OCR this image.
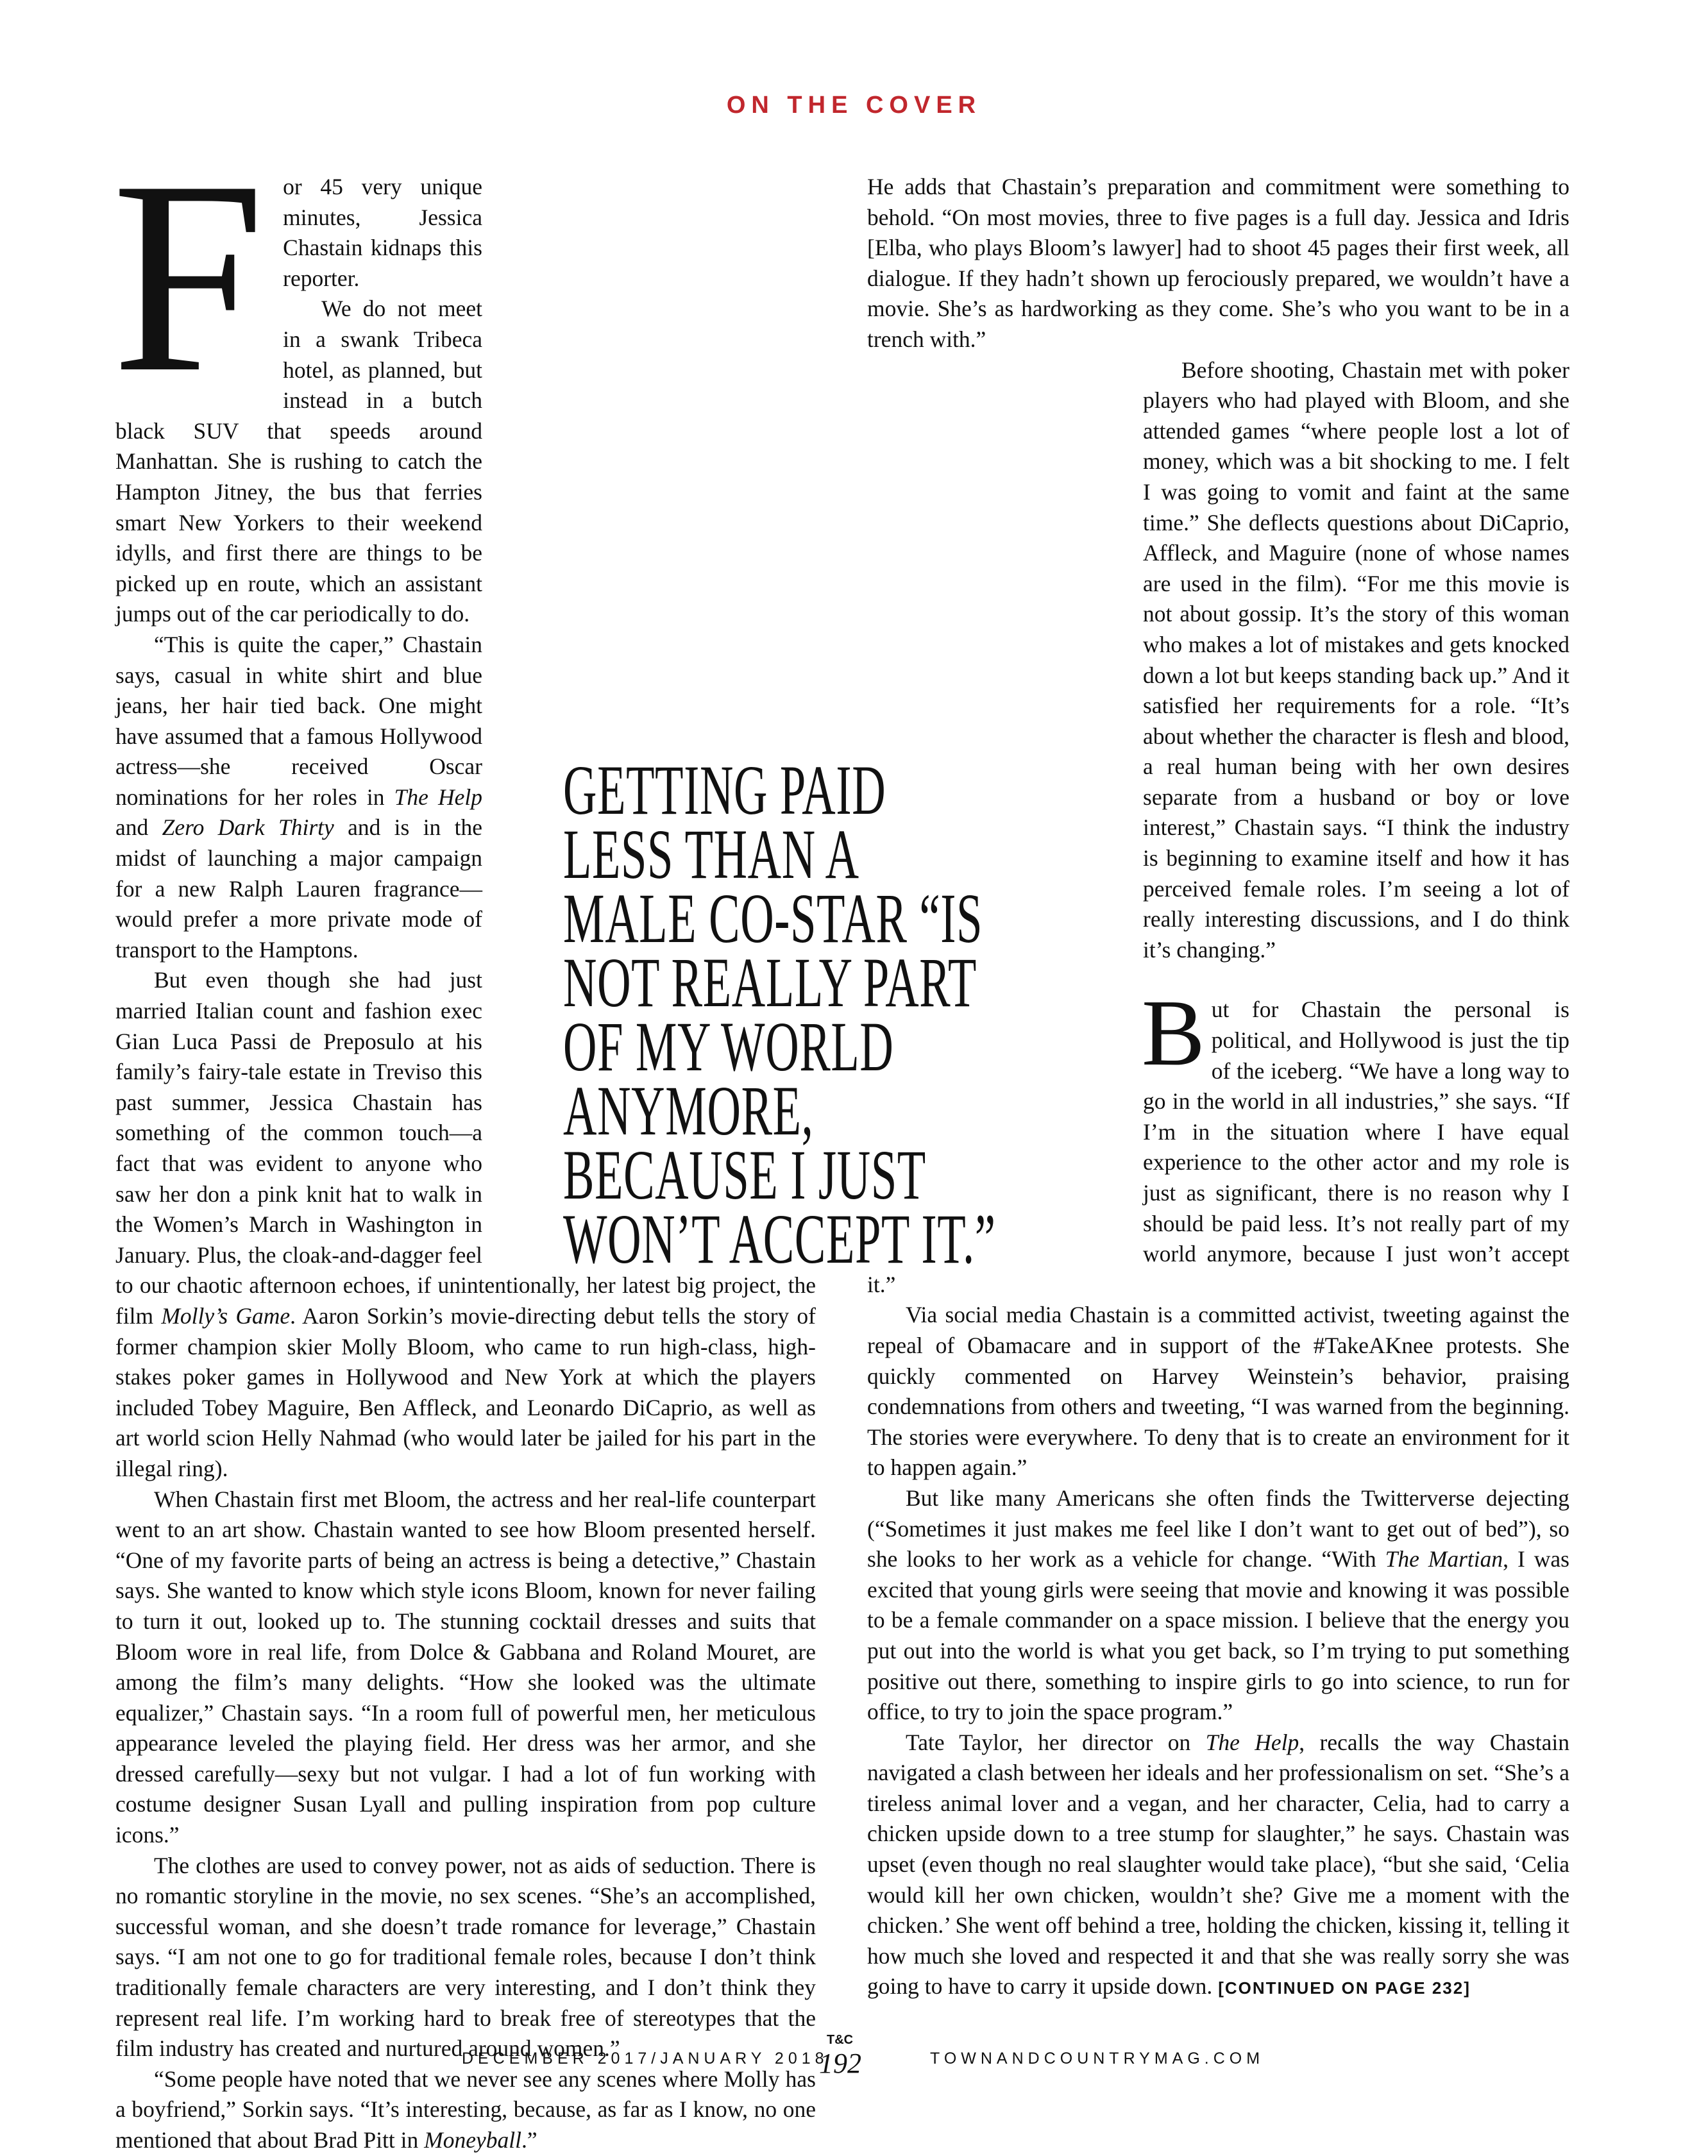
ON THE COVER

For 45 very unique minutes, Jessica Chastain kidnaps this reporter.

We do not meet in a swank Tribeca hotel, as planned, but instead in a butch black SUV that speeds around Manhattan. She is rushing to catch the Hampton Jitney, the bus that ferries smart New Yorkers to their weekend idylls, and first there are things to be picked up en route, which an assistant jumps out of the car periodically to do.

“This is quite the caper,” Chastain says, casual in white shirt and blue jeans, her hair tied back. One might have assumed that a famous Hollywood actress—she received Oscar nominations for her roles in The Help and Zero Dark Thirty and is in the midst of launching a major campaign for a new Ralph Lauren fragrance—would prefer a more private mode of transport to the Hamptons.

But even though she had just married Italian count and fashion exec Gian Luca Passi de Preposulo at his family’s fairy-tale estate in Treviso this past summer, Jessica Chastain has something of the common touch—a fact that was evident to anyone who saw her don a pink knit hat to walk in the Women’s March in Washington in January. Plus, the cloak-and-dagger feel to our chaotic afternoon echoes, if unintentionally, her latest big project, the film Molly’s Game. Aaron Sorkin’s movie-directing debut tells the story of former champion skier Molly Bloom, who came to run high-class, high-stakes poker games in Hollywood and New York at which the players included Tobey Maguire, Ben Affleck, and Leonardo DiCaprio, as well as art world scion Helly Nahmad (who would later be jailed for his part in the illegal ring).

When Chastain first met Bloom, the actress and her real-life counterpart went to an art show. Chastain wanted to see how Bloom presented herself. “One of my favorite parts of being an actress is being a detective,” Chastain says. She wanted to know which style icons Bloom, known for never failing to turn it out, looked up to. The stunning cocktail dresses and suits that Bloom wore in real life, from Dolce & Gabbana and Roland Mouret, are among the film’s many delights. “How she looked was the ultimate equalizer,” Chastain says. “In a room full of powerful men, her meticulous appearance leveled the playing field. Her dress was her armor, and she dressed carefully—sexy but not vulgar. I had a lot of fun working with costume designer Susan Lyall and pulling inspiration from pop culture icons.”

The clothes are used to convey power, not as aids of seduction. There is no romantic storyline in the movie, no sex scenes. “She’s an accomplished, successful woman, and she doesn’t trade romance for leverage,” Chastain says. “I am not one to go for traditional female roles, because I don’t think traditionally female characters are very interesting, and I don’t think they represent real life. I’m working hard to break free of stereotypes that the film industry has created and nurtured around women.”

“Some people have noted that we never see any scenes where Molly has a boyfriend,” Sorkin says. “It’s interesting, because, as far as I know, no one mentioned that about Brad Pitt in Moneyball.”

He adds that Chastain’s preparation and commitment were something to behold. “On most movies, three to five pages is a full day. Jessica and Idris [Elba, who plays Bloom’s lawyer] had to shoot 45 pages their first week, all dialogue. If they hadn’t shown up ferociously prepared, we wouldn’t have a movie. She’s as hardworking as they come. She’s who you want to be in a trench with.”

Before shooting, Chastain met with poker players who had played with Bloom, and she attended games “where people lost a lot of money, which was a bit shocking to me. I felt I was going to vomit and faint at the same time.” She deflects questions about DiCaprio, Affleck, and Maguire (none of whose names are used in the film). “For me this movie is not about gossip. It’s the story of this woman who makes a lot of mistakes and gets knocked down a lot but keeps standing back up.” And it satisfied her requirements for a role. “It’s about whether the character is flesh and blood, a real human being with her own desires separate from a husband or boy or love interest,” Chastain says. “I think the industry is beginning to examine itself and how it has perceived female roles. I’m seeing a lot of really interesting discussions, and I do think it’s changing.”

But for Chastain the personal is political, and Hollywood is just the tip of the iceberg. “We have a long way to go in the world in all industries,” she says. “If I’m in the situation where I have equal experience to the other actor and my role is just as significant, there is no reason why I should be paid less. It’s not really part of my world anymore, because I just won’t accept it.”

Via social media Chastain is a committed activist, tweeting against the repeal of Obamacare and in support of the #TakeAKnee protests. She quickly commented on Harvey Weinstein’s behavior, praising condemnations from others and tweeting, “I was warned from the beginning. The stories were everywhere. To deny that is to create an environment for it to happen again.”

But like many Americans she often finds the Twitterverse dejecting (“Sometimes it just makes me feel like I don’t want to get out of bed”), so she looks to her work as a vehicle for change. “With The Martian, I was excited that young girls were seeing that movie and knowing it was possible to be a female commander on a space mission. I believe that the energy you put out into the world is what you get back, so I’m trying to put something positive out there, something to inspire girls to go into science, to run for office, to try to join the space program.”

Tate Taylor, her director on The Help, recalls the way Chastain navigated a clash between her ideals and her professionalism on set. “She’s a tireless animal lover and a vegan, and her character, Celia, had to carry a chicken upside down to a tree stump for slaughter,” he says. Chastain was upset (even though no real slaughter would take place), “but she said, ‘Celia would kill her own chicken, wouldn’t she? Give me a moment with the chicken.’ She went off behind a tree, holding the chicken, kissing it, telling it how much she loved and respected it and that she was really sorry she was going to have to carry it upside down. [CONTINUED ON PAGE 232]

GETTING PAID
LESS THAN A
MALE CO-STAR “IS
NOT REALLY PART
OF MY WORLD
ANYMORE,
BECAUSE I JUST
WON’T ACCEPT IT.”
DECEMBER 2017/JANUARY 2018
T&C
192	TOWNANDCOUNTRYMAG.COM
